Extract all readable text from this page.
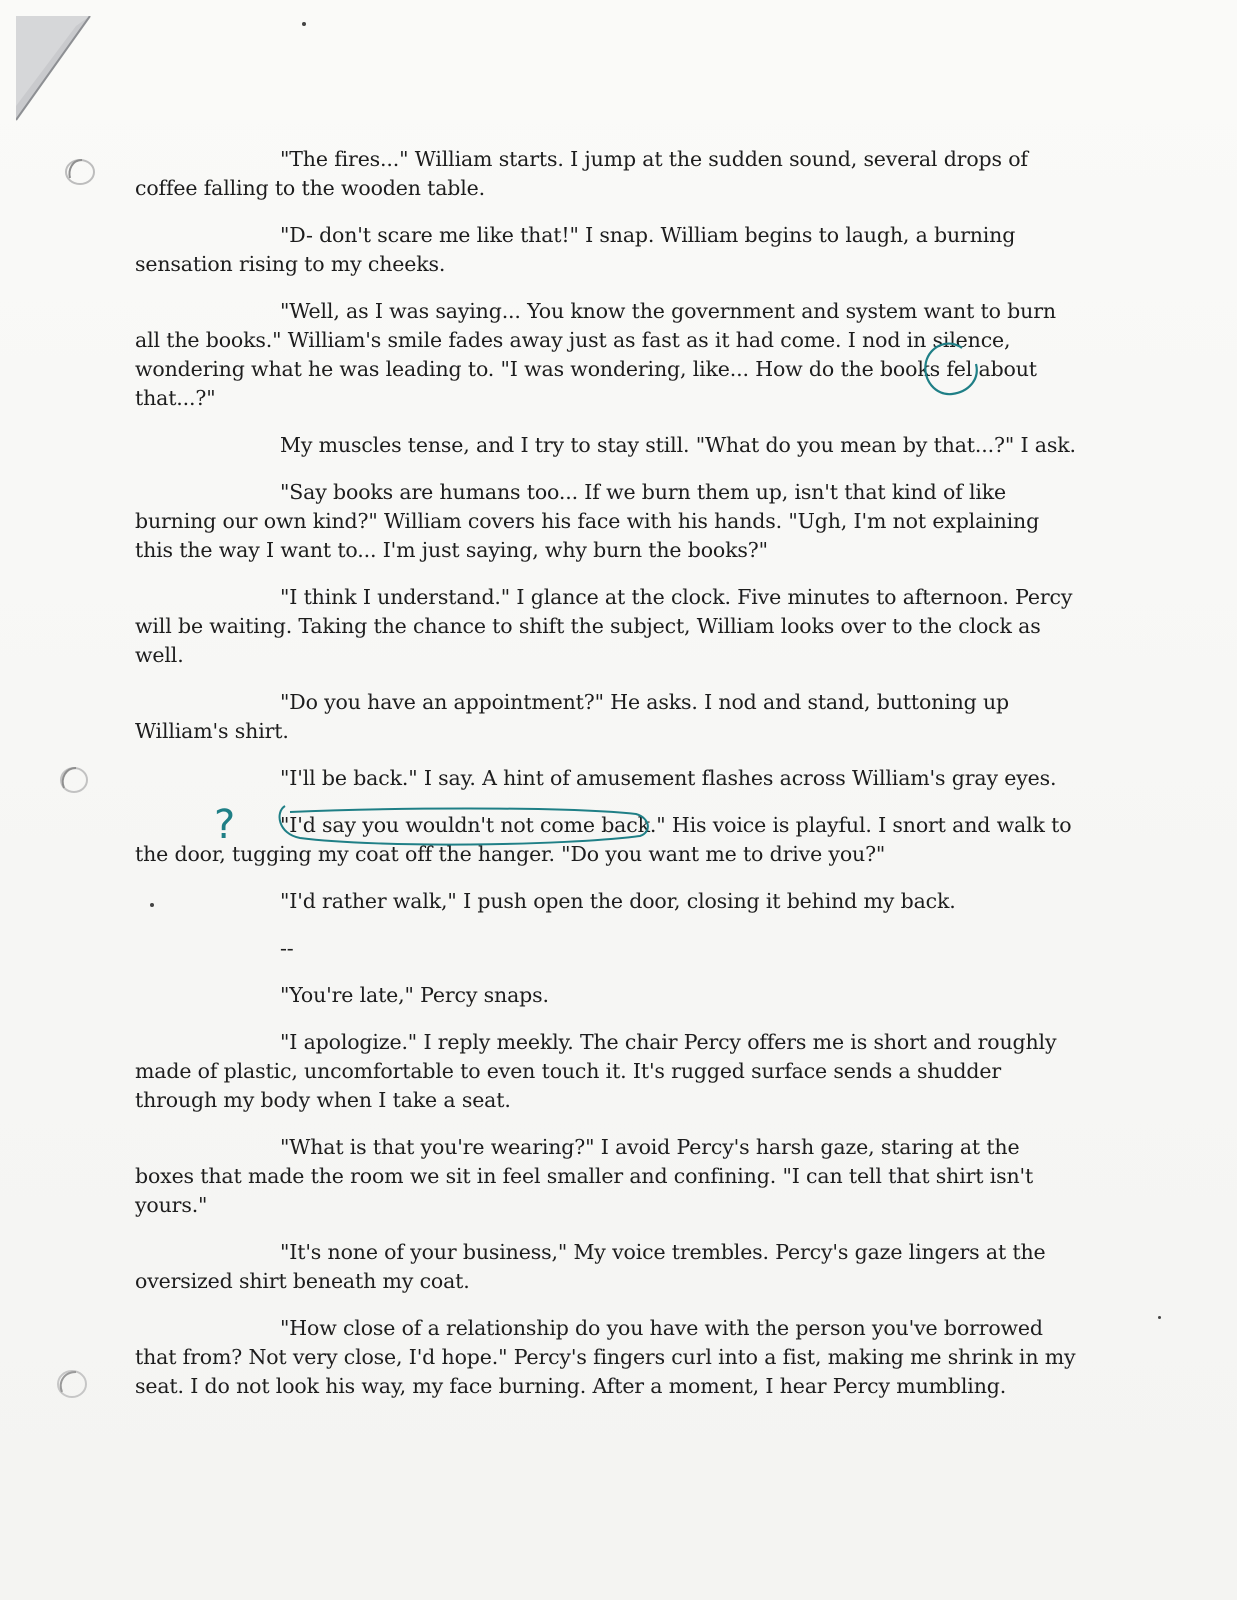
"The fires..." William starts. I jump at the sudden sound, several drops of coffee falling to the wooden table.

"D- don't scare me like that!" I snap. William begins to laugh, a burning sensation rising to my cheeks.

"Well, as I was saying... You know the government and system want to burn all the books." William's smile fades away just as fast as it had come. I nod in silence, wondering what he was leading to. "I was wondering, like... How do the books fel about that...?"

My muscles tense, and I try to stay still. "What do you mean by that...?" I ask.

"Say books are humans too... If we burn them up, isn't that kind of like burning our own kind?" William covers his face with his hands. "Ugh, I'm not explaining this the way I want to... I'm just saying, why burn the books?"

"I think I understand." I glance at the clock. Five minutes to afternoon. Percy will be waiting. Taking the chance to shift the subject, William looks over to the clock as well.

"Do you have an appointment?" He asks. I nod and stand, buttoning up William's shirt.

"I'll be back." I say. A hint of amusement flashes across William's gray eyes.

"I'd say you wouldn't not come back." His voice is playful. I snort and walk to the door, tugging my coat off the hanger. "Do you want me to drive you?"

"I'd rather walk," I push open the door, closing it behind my back.

--

"You're late," Percy snaps.

"I apologize." I reply meekly. The chair Percy offers me is short and roughly made of plastic, uncomfortable to even touch it. It's rugged surface sends a shudder through my body when I take a seat.

"What is that you're wearing?" I avoid Percy's harsh gaze, staring at the boxes that made the room we sit in feel smaller and confining. "I can tell that shirt isn't yours."

"It's none of your business," My voice trembles. Percy's gaze lingers at the oversized shirt beneath my coat.

"How close of a relationship do you have with the person you've borrowed that from? Not very close, I'd hope." Percy's fingers curl into a fist, making me shrink in my seat. I do not look his way, my face burning. After a moment, I hear Percy mumbling.

?
